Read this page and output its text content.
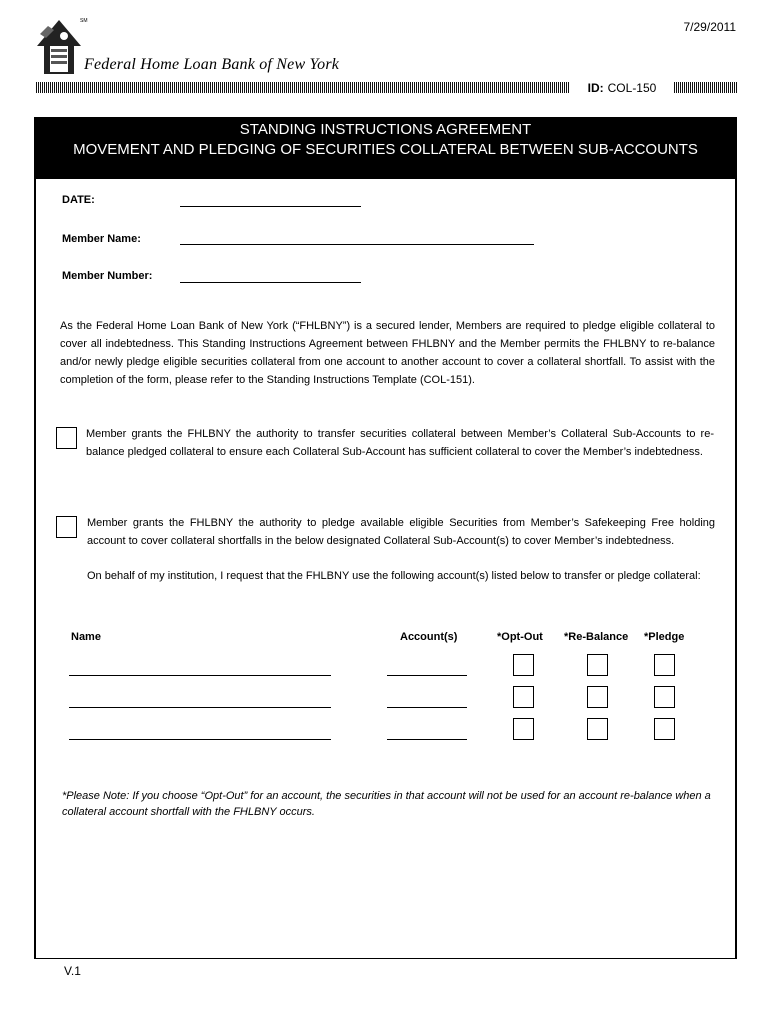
7/29/2011
SM
Federal Home Loan Bank of New York
ID: COL-150
STANDING INSTRUCTIONS AGREEMENT
MOVEMENT AND PLEDGING OF SECURITIES COLLATERAL BETWEEN SUB-ACCOUNTS
DATE:
Member Name:
Member Number:
As the Federal Home Loan Bank of New York (“FHLBNY”) is a secured lender, Members are required to pledge eligible collateral to cover all indebtedness. This Standing Instructions Agreement between FHLBNY and the Member permits the FHLBNY to re-balance and/or newly pledge eligible securities collateral from one account to another account to cover a collateral shortfall. To assist with the completion of the form, please refer to the Standing Instructions Template (COL-151).
Member grants the FHLBNY the authority to transfer securities collateral between Member’s Collateral Sub-Accounts to re-balance pledged collateral to ensure each Collateral Sub-Account has sufficient collateral to cover the Member’s indebtedness.
Member grants the FHLBNY the authority to pledge available eligible Securities from Member’s Safekeeping Free holding account to cover collateral shortfalls in the below designated Collateral Sub-Account(s) to cover Member’s indebtedness.
On behalf of my institution, I request that the FHLBNY use the following account(s) listed below to transfer or pledge collateral:
Name	Account(s)	*Opt-Out *Re-Balance *Pledge
*Please Note: If you choose “Opt-Out” for an account, the securities in that account will not be used for an account re-balance when a collateral account shortfall with the FHLBNY occurs.
V.1
